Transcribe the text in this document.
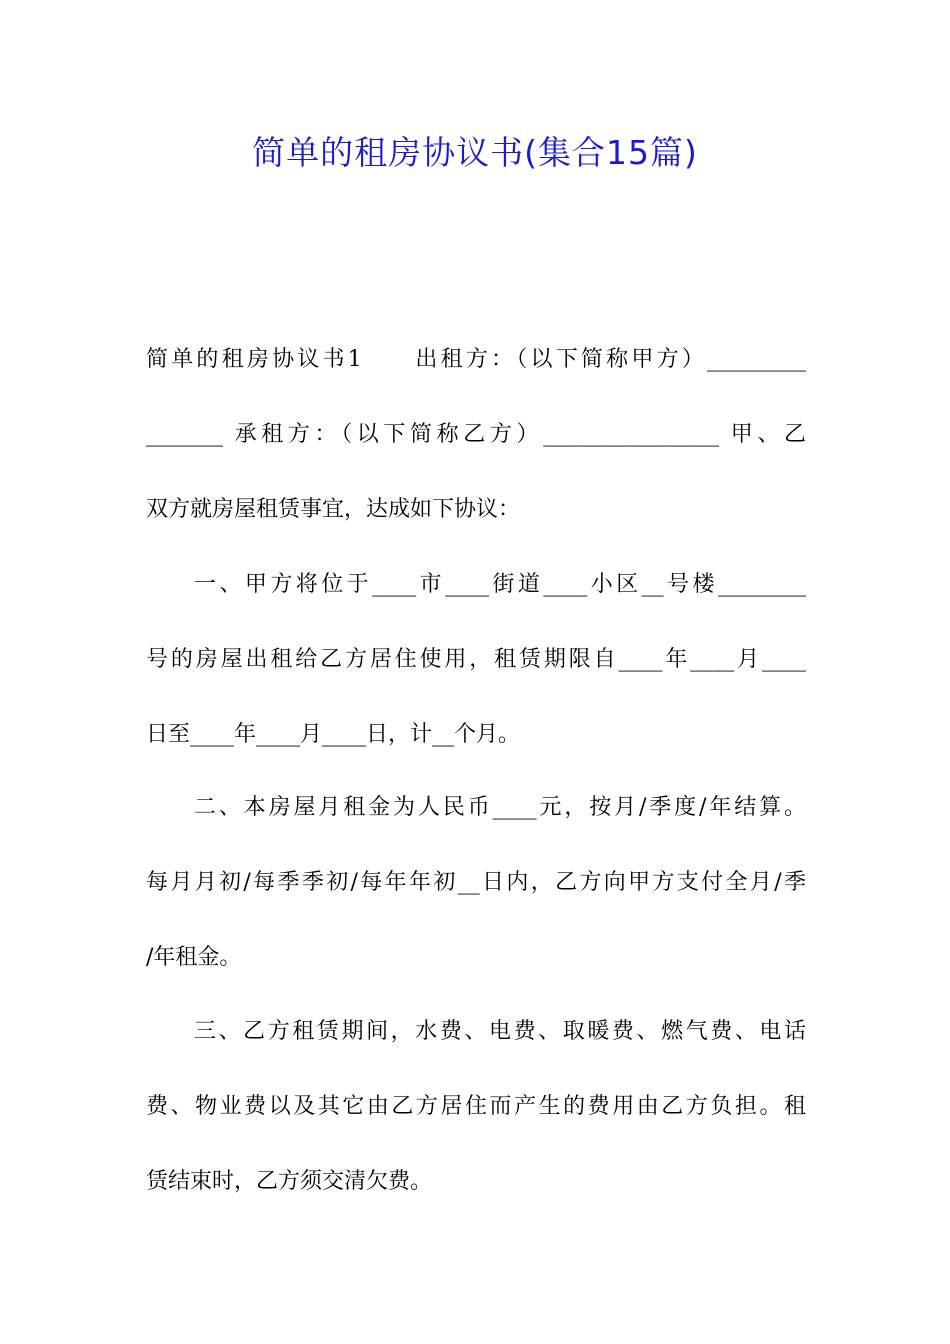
简单的租房协议书(集合15篇)
简单的租房协议书1　　出租方：（以下简称甲方）_________
_______ 承租方：（以下简称乙方）________________ 甲、乙
双方就房屋租赁事宜，达成如下协议：
一、甲方将位于____市____街道____小区__号楼________
号的房屋出租给乙方居住使用，租赁期限自____年____月____
日至____年____月____日，计__个月。
二、本房屋月租金为人民币____元，按月/季度/年结算。
每月月初/每季季初/每年年初__日内，乙方向甲方支付全月/季
/年租金。
三、乙方租赁期间，水费、电费、取暖费、燃气费、电话
费、物业费以及其它由乙方居住而产生的费用由乙方负担。租
赁结束时，乙方须交清欠费。
